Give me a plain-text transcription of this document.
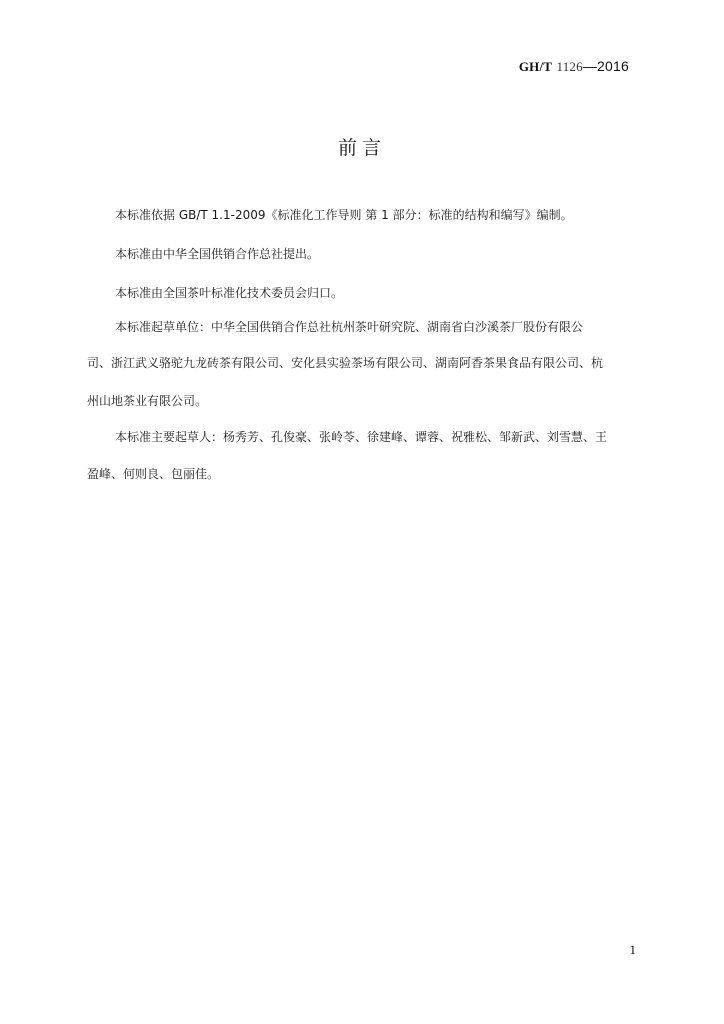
GH/T 1126—2016
前言
本标准依据 GB/T 1.1-2009《标准化工作导则 第 1 部分：标准的结构和编写》编制。
本标准由中华全国供销合作总社提出。
本标准由全国茶叶标准化技术委员会归口。
本标准起草单位：中华全国供销合作总社杭州茶叶研究院、湖南省白沙溪茶厂股份有限公
司、浙江武义骆驼九龙砖茶有限公司、安化县实验茶场有限公司、湖南阿香茶果食品有限公司、杭
州山地茶业有限公司。
本标准主要起草人：杨秀芳、孔俊豪、张岭苓、徐建峰、谭蓉、祝雅松、邹新武、刘雪慧、王
盈峰、何则良、包丽佳。
1
